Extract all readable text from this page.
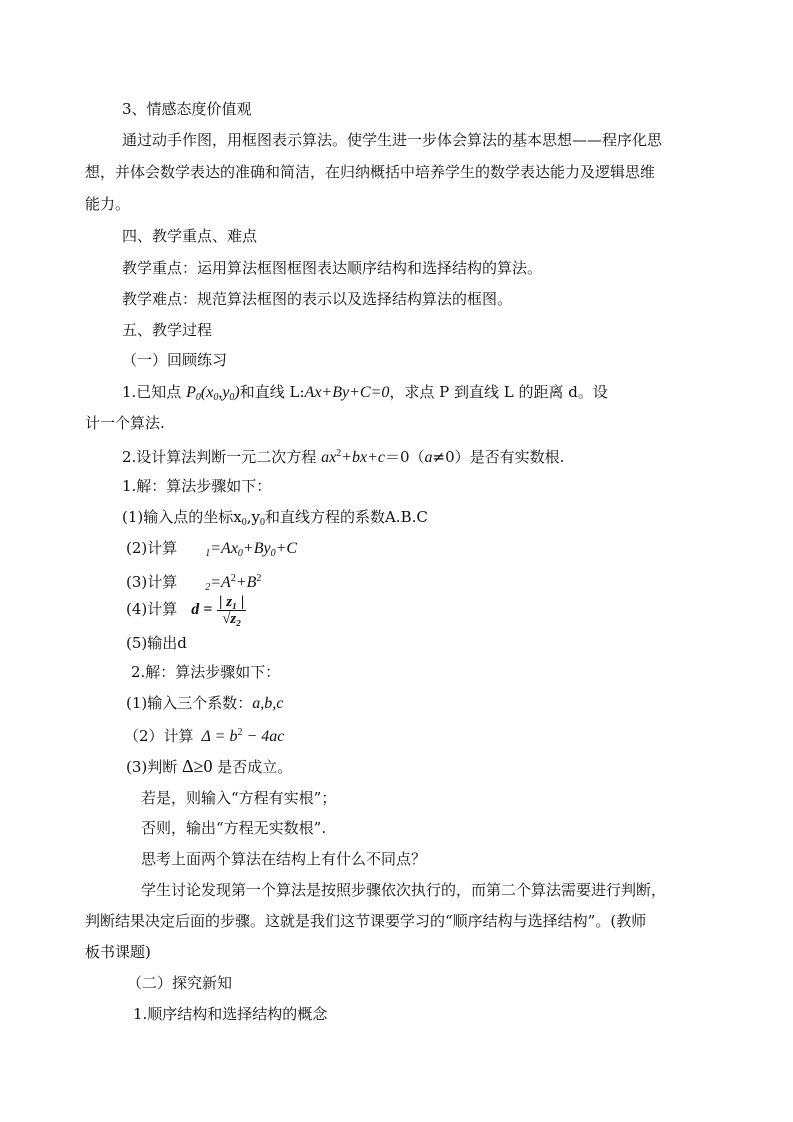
3、情感态度价值观
通过动手作图，用框图表示算法。使学生进一步体会算法的基本思想——程序化思
想，并体会数学表达的准确和简洁，在归纳概括中培养学生的数学表达能力及逻辑思维
能力。
四、教学重点、难点
教学重点：运用算法框图框图表达顺序结构和选择结构的算法。
教学难点：规范算法框图的表示以及选择结构算法的框图。
五、教学过程
（一）回顾练习
1.已知点 $P_0(x_0,y_0)$和直线 L:Ax+By+C=0，求点 P 到直线 L 的距离 d。设
计一个算法.
2.设计算法判断一元二次方程 $ax^2+bx+c=0(a\ne 0)$是否有实数根.
1.解：算法步骤如下：
(1)输入点的坐标$x_0,y_0$和直线方程的系数A.B.C
(2)计算	$_1=Ax_0+By_0+C$
(3)计算	$_2=A^2+B^2$
(4)计算 $d = \frac{\text{| z₁ |}}{\text{√z₂}}$
(5)输出d
2.解：算法步骤如下：
(1)输入三个系数：a,b,c
（2）计算 $\Delta = b^2 - 4ac$
(3)判断 Δ≥0 是否成立。
若是，则输入“方程有实根”；
否则，输出“方程无实数根”.
思考上面两个算法在结构上有什么不同点？
学生讨论发现第一个算法是按照步骤依次执行的，而第二个算法需要进行判断，
判断结果决定后面的步骤。这就是我们这节课要学习的“顺序结构与选择结构”。(教师
板书课题)
（二）探究新知
1.顺序结构和选择结构的概念
